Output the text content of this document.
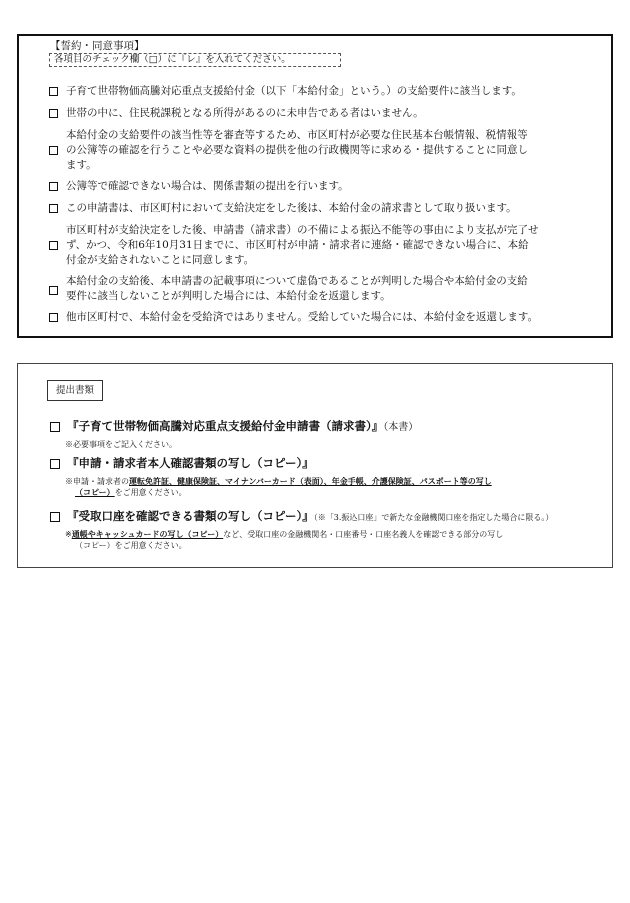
【誓約・同意事項】
各項目のチェック欄（□）に『レ』を入れてください。
子育て世帯物価高騰対応重点支援給付金（以下「本給付金」という。）の支給要件に該当します。
世帯の中に、住民税課税となる所得があるのに未申告である者はいません。
本給付金の支給要件の該当性等を審査等するため、市区町村が必要な住民基本台帳情報、税情報等
の公簿等の確認を行うことや必要な資料の提供を他の行政機関等に求める・提供することに同意し
ます。
公簿等で確認できない場合は、関係書類の提出を行います。
この申請書は、市区町村において支給決定をした後は、本給付金の請求書として取り扱います。
市区町村が支給決定をした後、申請書（請求書）の不備による振込不能等の事由により支払が完了せ
ず、かつ、令和6年10月31日までに、市区町村が申請・請求者に連絡・確認できない場合に、本給
付金が支給されないことに同意します。
本給付金の支給後、本申請書の記載事項について虚偽であることが判明した場合や本給付金の支給
要件に該当しないことが判明した場合には、本給付金を返還します。
他市区町村で、本給付金を受給済ではありません。受給していた場合には、本給付金を返還します。
提出書類
『子育て世帯物価高騰対応重点支援給付金申請書（請求書）』（本書）
※必要事項をご記入ください。
『申請・請求者本人確認書類の写し（コピー）』
※申請・請求者の運転免許証、健康保険証、マイナンバーカード（表面）、年金手帳、介護保険証、パスポート等の写し
（コピー）をご用意ください。
『受取口座を確認できる書類の写し（コピー）』（※「3.振込口座」で新たな金融機関口座を指定した場合に限る。）
※通帳やキャッシュカードの写し（コピー）など、受取口座の金融機関名・口座番号・口座名義人を確認できる部分の写し
（コピー）をご用意ください。
